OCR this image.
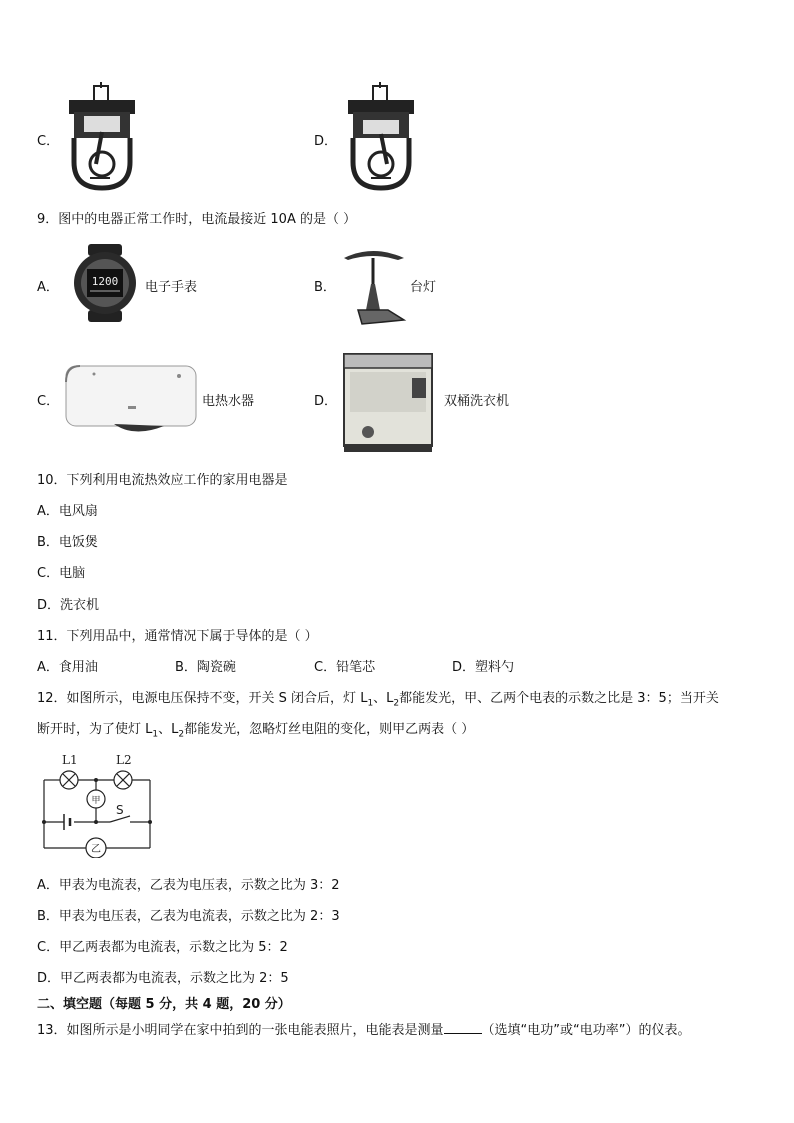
C．	D．
9．图中的电器正常工作时，电流最接近 10A 的是（ ）
A．	1200 电子手表	B．	台灯
C．	电热水器	D．	双桶洗衣机
10．下列利用电流热效应工作的家用电器是
A．电风扇
B．电饭煲
C．电脑
D．洗衣机
11．下列用品中，通常情况下属于导体的是（ ）
A．食用油	B．陶瓷碗	C．铅笔芯	D．塑料勺
12．如图所示，电源电压保持不变，开关 S 闭合后，灯 $L_1$、$L_2$都能发光，甲、乙两个电表的示数之比是 3：5；当开关
断开时，为了使灯 $L_1$、$L_2$都能发光，忽略灯丝电阻的变化，则甲乙两表（ ）
L1	L2
甲
乙
S
A．甲表为电流表，乙表为电压表，示数之比为 3：2
B．甲表为电压表，乙表为电流表，示数之比为 2：3
C．甲乙两表都为电流表，示数之比为 5：2
D．甲乙两表都为电流表，示数之比为 2：5
二、填空题（每题 5 分，共 4 题，20 分）
13．如图所示是小明同学在家中拍到的一张电能表照片，电能表是测量	（选填“电功”或“电功率”）的仪表。
